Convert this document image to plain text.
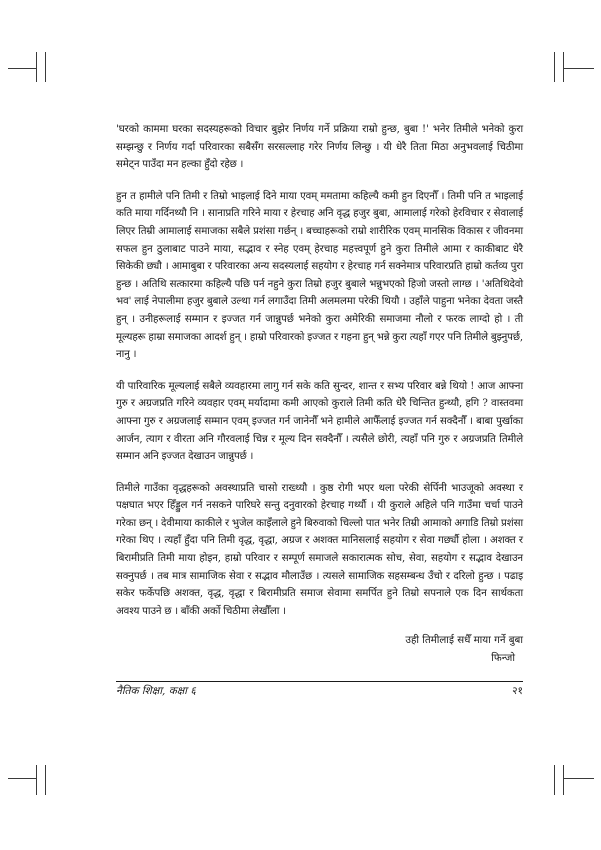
'घरको काममा घरका सदस्यहरूको विचार बुझेर निर्णय गर्ने प्रक्रिया राम्रो हुन्छ, बुबा !' भनेर तिमीले भनेको कुरा सम्झन्छु र निर्णय गर्दा परिवारका सबैसँग सरसल्लाह गरेर निर्णय लिन्छु । यी धेरै तिता मिठा अनुभवलाई चिठीमा समेट्न पाउँदा मन हल्का हुँदो रहेछ ।

हुन त हामीले पनि तिमी र तिम्रो भाइलाई दिने माया एवम् ममतामा कहिल्यै कमी हुन दिएनौँ । तिमी पनि त भाइलाई कति माया गर्दिनथ्यौ नि । सानाप्रति गरिने माया र हेरचाह अनि वृद्ध हजुर बुबा, आमालाई गरेको हेरविचार र सेवालाई लिएर तिम्री आमालाई समाजका सबैले प्रशंसा गर्छन् । बच्चाहरूको राम्रो शारीरिक एवम् मानसिक विकास र जीवनमा सफल हुन ठुलाबाट पाउने माया, सद्भाव र स्नेह एवम् हेरचाह महत्त्वपूर्ण हुने कुरा तिमीले आमा र काकीबाट धेरै सिकेकी छ्यौ । आमाबुबा र परिवारका अन्य सदस्यलाई सहयोग र हेरचाह गर्न सक्नेमात्र परिवारप्रति हाम्रो कर्तव्य पुरा हुन्छ । अतिथि सत्कारमा कहिल्यै पछि पर्न नहुने कुरा तिम्रो हजुर बुबाले भन्नुभएको हिजो जस्तो लाग्छ । 'अतिथिदेवो भव' लाई नेपालीमा हजुर बुबाले उल्था गर्न लगाउँदा तिमी अलमलमा परेकी थियौ । उहाँले पाहुना भनेका देवता जस्तै हुन् । उनीहरूलाई सम्मान र इज्जत गर्न जान्नुपर्छ भनेको कुरा अमेरिकी समाजमा नौलो र फरक लाग्दो हो । ती मूल्यहरू हाम्रा समाजका आदर्श हुन् । हाम्रो परिवारको इज्जत र गहना हुन् भन्ने कुरा त्यहाँ गएर पनि तिमीले बुझ्नुपर्छ, नानु ।

यी पारिवारिक मूल्यलाई सबैले व्यवहारमा लागु गर्न सके कति सुन्दर, शान्त र सभ्य परिवार बन्ने थियो ! आज आफ्ना गुरु र अग्रजप्रति गरिने व्यवहार एवम् मर्यादामा कमी आएको कुराले तिमी कति धेरै चिन्तित हुन्थ्यौ, हगि ? वास्तवमा आफ्ना गुरु र अग्रजलाई सम्मान एवम् इज्जत गर्न जानेनौँ भने हामीले आफैँलाई इज्जत गर्न सक्दैनौँ । बाबा पुर्खाका आर्जन, त्याग र वीरता अनि गौरवलाई चिन्न र मूल्य दिन सक्दैनौँ । त्यसैले छोरी, त्यहाँ पनि गुरु र अग्रजप्रति तिमीले सम्मान अनि इज्जत देखाउन जान्नुपर्छ ।

तिमीले गाउँका वृद्धहरूको अवस्थाप्रति चासो राख्थ्यौ । कुष्ठ रोगी भएर थला परेकी सेर्पिनी भाउजूको अवस्था र पक्षघात भएर हिँड्डुल गर्न नसकने पारिघरे सन्तु दनुवारको हेरचाह गर्थ्यौ । यी कुराले अहिले पनि गाउँमा चर्चा पाउने गरेका छन् । देवीमाया काकीले र भुजेल काइँलाले हुने बिरुवाको चिल्लो पात भनेर तिम्री आमाको अगाडि तिम्रो प्रशंसा गरेका थिए । त्यहाँ हुँदा पनि तिमी वृद्ध, वृद्धा, अग्रज र अशक्त मानिसलाई सहयोग र सेवा गर्छ्यौ होला । अशक्त र बिरामीप्रति तिमी माया होइन, हाम्रो परिवार र सम्पूर्ण समाजले सकारात्मक सोच, सेवा, सहयोग र सद्भाव देखाउन सक्नुपर्छ । तब मात्र सामाजिक सेवा र सद्भाव मौलाउँछ । त्यसले सामाजिक सहसम्बन्ध उँचो र दरिलो हुन्छ । पढाइ सकेर फर्केपछि अशक्त, वृद्ध, वृद्धा र बिरामीप्रति समाज सेवामा समर्पित हुने तिम्रो सपनाले एक दिन सार्थकता अवश्य पाउने छ । बाँकी अर्को चिठीमा लेखौँला ।

उही तिमीलाई सधैँ माया गर्ने बुबा
फिन्जो
नैतिक शिक्षा, कक्षा ६	२१
